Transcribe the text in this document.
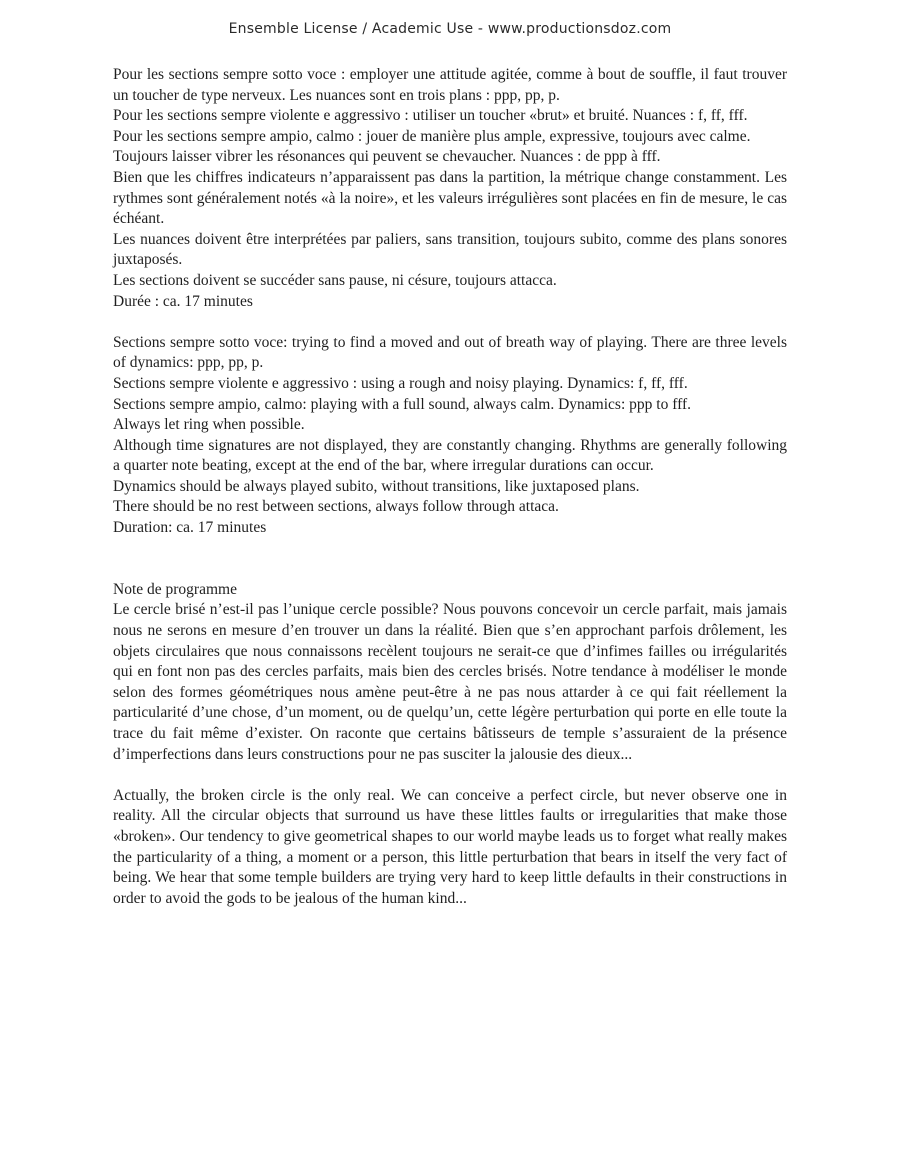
Ensemble License / Academic Use - www.productionsdoz.com

Pour les sections sempre sotto voce : employer une attitude agitée, comme à bout de souffle, il faut trouver un toucher de type nerveux. Les nuances sont en trois plans : ppp, pp, p.

Pour les sections sempre violente e aggressivo : utiliser un toucher «brut» et bruité. Nuances : f, ff, fff.

Pour les sections sempre ampio, calmo : jouer de manière plus ample, expressive, toujours avec calme.

Toujours laisser vibrer les résonances qui peuvent se chevaucher. Nuances : de ppp à fff.

Bien que les chiffres indicateurs n’apparaissent pas dans la partition, la métrique change constamment. Les rythmes sont généralement notés «à la noire», et les valeurs irrégulières sont placées en fin de mesure, le cas échéant.

Les nuances doivent être interprétées par paliers, sans transition, toujours subito, comme des plans sonores juxtaposés.

Les sections doivent se succéder sans pause, ni césure, toujours attacca.

Durée : ca. 17 minutes

Sections sempre sotto voce: trying to find a moved and out of breath way of playing. There are three levels of dynamics: ppp, pp, p.

Sections sempre violente e aggressivo : using a rough and noisy playing. Dynamics: f, ff, fff.

Sections sempre ampio, calmo: playing with a full sound, always calm. Dynamics: ppp to fff.

Always let ring when possible.

Although time signatures are not displayed, they are constantly changing. Rhythms are generally following a quarter note beating, except at the end of the bar, where irregular durations can occur.

Dynamics should be always played subito, without transitions, like juxtaposed plans.

There should be no rest between sections, always follow through attaca.

Duration: ca. 17 minutes

Note de programme

Le cercle brisé n’est-il pas l’unique cercle possible? Nous pouvons concevoir un cercle parfait, mais jamais nous ne serons en mesure d’en trouver un dans la réalité. Bien que s’en approchant parfois drôlement, les objets circulaires que nous connaissons recèlent toujours ne serait-ce que d’infimes failles ou irrégularités qui en font non pas des cercles parfaits, mais bien des cercles brisés. Notre tendance à modéliser le monde selon des formes géométriques nous amène peut-être à ne pas nous attarder à ce qui fait réellement la particularité d’une chose, d’un moment, ou de quelqu’un, cette légère perturbation qui porte en elle toute la trace du fait même d’exister. On raconte que certains bâtisseurs de temple s’assuraient de la présence d’imperfections dans leurs constructions pour ne pas susciter la jalousie des dieux...

Actually, the broken circle is the only real. We can conceive a perfect circle, but never observe one in reality. All the circular objects that surround us have these littles faults or irregularities that make those «broken». Our tendency to give geometrical shapes to our world maybe leads us to forget what really makes the particularity of a thing, a moment or a person, this little perturbation that bears in itself the very fact of being. We hear that some temple builders are trying very hard to keep little defaults in their constructions in order to avoid the gods to be jealous of the human kind...
